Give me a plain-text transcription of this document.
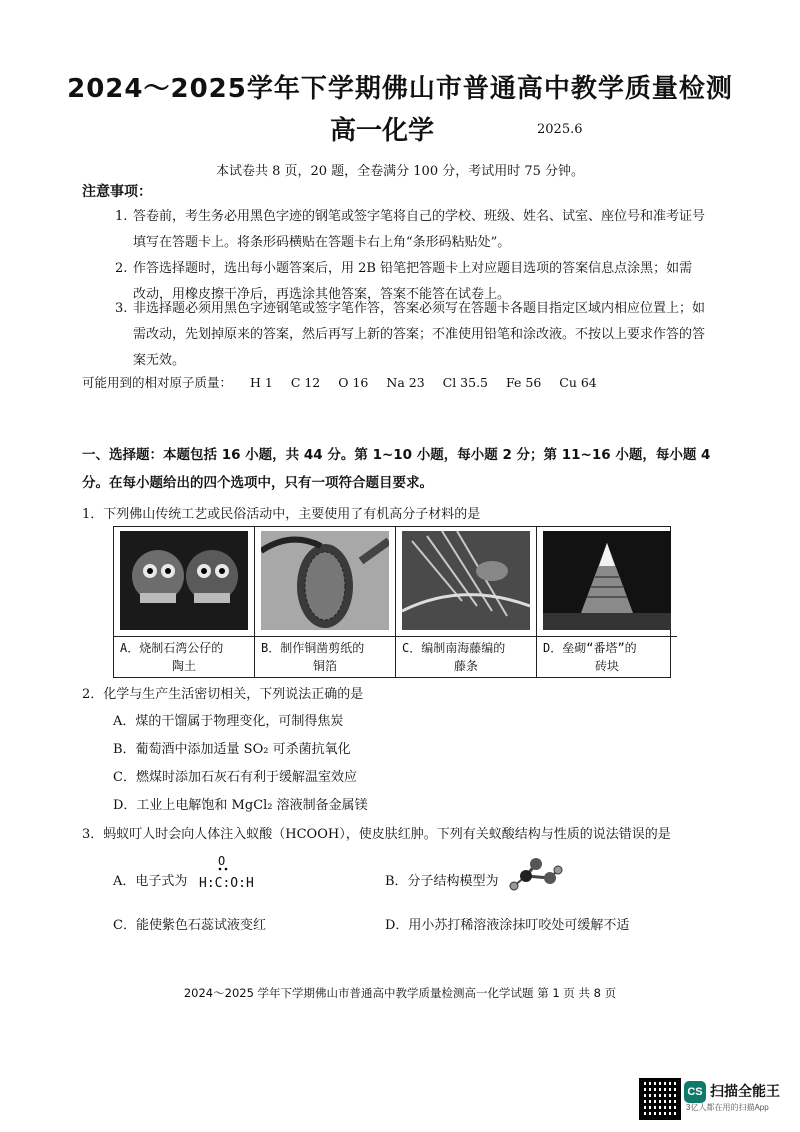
2024～2025学年下学期佛山市普通高中教学质量检测
高一化学	2025.6
本试卷共 8 页，20 题，全卷满分 100 分，考试用时 75 分钟。
注意事项：
1. 答卷前，考生务必用黑色字迹的钢笔或签字笔将自己的学校、班级、姓名、试室、座位号和准考证号填写在答题卡上。将条形码横贴在答题卡右上角“条形码粘贴处”。
2. 作答选择题时，选出每小题答案后，用 2B 铅笔把答题卡上对应题目选项的答案信息点涂黑；如需改动，用橡皮擦干净后，再选涂其他答案，答案不能答在试卷上。
3. 非选择题必须用黑色字迹钢笔或签字笔作答，答案必须写在答题卡各题目指定区域内相应位置上；如需改动，先划掉原来的答案，然后再写上新的答案；不准使用铅笔和涂改液。不按以上要求作答的答案无效。
可能用到的相对原子质量： H 1 C 12 O 16 Na 23 Cl 35.5 Fe 56 Cu 64
一、选择题：本题包括 16 小题，共 44 分。第 1~10 小题，每小题 2 分；第 11~16 小题，每小题 4 分。在每小题给出的四个选项中，只有一项符合题目要求。
1．下列佛山传统工艺或民俗活动中，主要使用了有机高分子材料的是
A．烧制石湾公仔的
陶土
B．制作铜凿剪纸的
铜箔
C．编制南海藤编的
藤条
D．垒砌“番塔”的
砖块
2．化学与生产生活密切相关，下列说法正确的是
A．煤的干馏属于物理变化，可制得焦炭
B．葡萄酒中添加适量 SO₂ 可杀菌抗氧化
C．燃煤时添加石灰石有利于缓解温室效应
D．工业上电解饱和 MgCl₂ 溶液制备金属镁
3．蚂蚁叮人时会向人体注入蚁酸（HCOOH），使皮肤红肿。下列有关蚁酸结构与性质的说法错误的是
A．电子式为
O
H:C:O:H	B．分子结构模型为
C．能使紫色石蕊试液变红	D．用小苏打稀溶液涂抹叮咬处可缓解不适
2024～2025 学年下学期佛山市普通高中教学质量检测高一化学试题 第 1 页 共 8 页
CS 扫描全能王
3亿人都在用的扫描App
